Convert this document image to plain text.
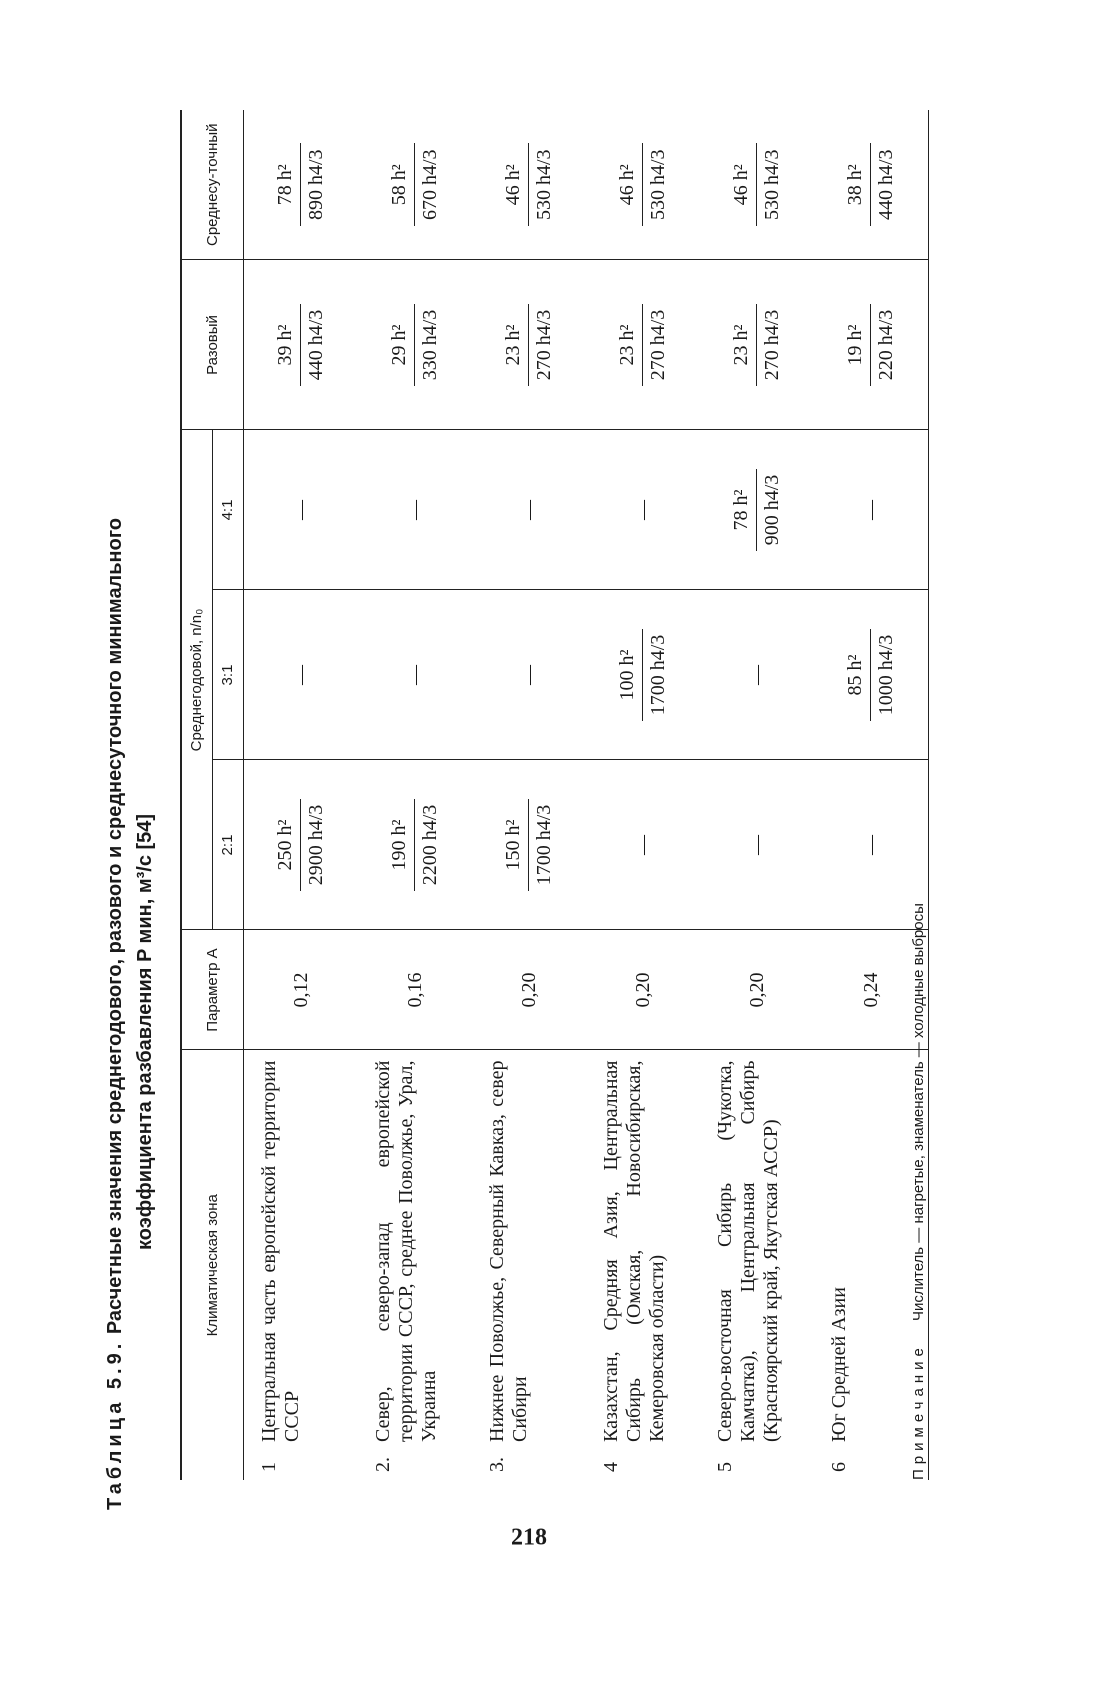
218
Таблица 5.9. Расчетные значения среднегодового, разового и среднесуточного минимального коэффициента разбавления P мин, м³/с [54]
Климатическая зона	Параметр А	Среднегодовой, n/n₀			Разовый	Среднесу-точный
		2:1	3:1	4:1		

1
Центральная часть европейской территории СССР	0,12	250 h² 2900 h4/3	—	—	39 h² 440 h4/3	78 h² 890 h4/3

2.
Север, северо-запад европейской территории СССР, среднее Поволжье, Урал, Украина	0,16	190 h² 2200 h4/3	—	—	29 h² 330 h4/3	58 h² 670 h4/3

3.
Нижнее Поволжье, Северный Кавказ, север Сибири	0,20	150 h² 1700 h4/3	—	—	23 h² 270 h4/3	46 h² 530 h4/3

4
Казахстан, Средняя Азия, Центральная Сибирь (Омская, Новосибирская, Кемеровская области)	0,20	—	100 h² 1700 h4/3	—	23 h² 270 h4/3	46 h² 530 h4/3

5
Северо-восточная Сибирь (Чукотка, Камчатка), Центральная Сибирь (Красноярский край, Якутская АССР)	0,20	—	—	78 h² 900 h4/3	23 h² 270 h4/3	46 h² 530 h4/3

6
Юг Средней Азии	0,24	—	85 h² 1000 h4/3	—	19 h² 220 h4/3	38 h² 440 h4/3
Примечание Числитель — нагретые, знаменатель — холодные выбросы
